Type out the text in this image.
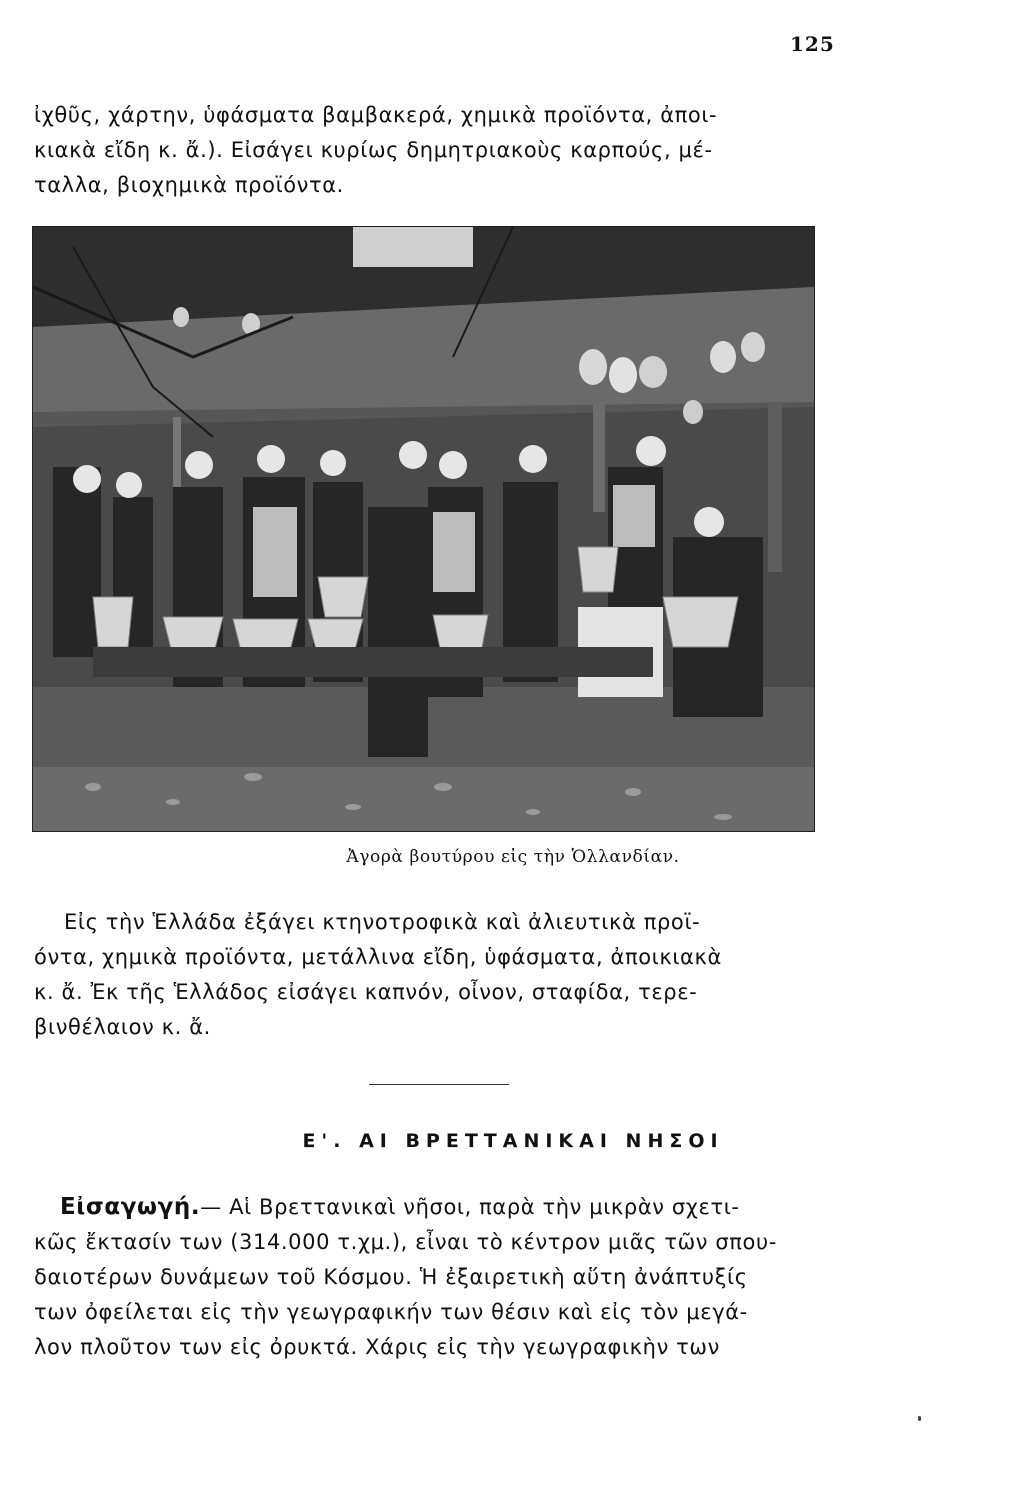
125

ἰχθῦς, χάρτην, ὑφάσματα βαμβακερά, χημικὰ προϊόντα, ἀποι-
κιακὰ εἴδη κ. ἄ.). Εἰσάγει κυρίως δημητριακοὺς καρπούς, μέ-
ταλλα, βιοχημικὰ προϊόντα.

Ἀγορὰ βουτύρου εἰς τὴν Ὁλλανδίαν.

Εἰς τὴν Ἑλλάδα ἐξάγει κτηνοτροφικὰ καὶ ἀλιευτικὰ προϊ-
όντα, χημικὰ προϊόντα, μετάλλινα εἴδη, ὑφάσματα, ἀποικιακὰ
κ. ἄ. Ἐκ τῆς Ἑλλάδος εἰσάγει καπνόν, οἶνον, σταφίδα, τερε-
βινθέλαιον κ. ἄ.

Ε'. ΑΙ ΒΡΕΤΤΑΝΙΚΑΙ ΝΗΣΟΙ

Εἰσαγωγή.— Αἱ Βρεττανικαὶ νῆσοι, παρὰ τὴν μικρὰν σχετι-
κῶς ἔκτασίν των (314.000 τ.χμ.), εἶναι τὸ κέντρον μιᾶς τῶν σπου-
δαιοτέρων δυνάμεων τοῦ Κόσμου. Ἡ ἐξαιρετικὴ αὕτη ἀνάπτυξίς
των ὀφείλεται εἰς τὴν γεωγραφικήν των θέσιν καὶ εἰς τὸν μεγά-
λον πλοῦτον των εἰς ὀρυκτά. Χάρις εἰς τὴν γεωγραφικὴν των
